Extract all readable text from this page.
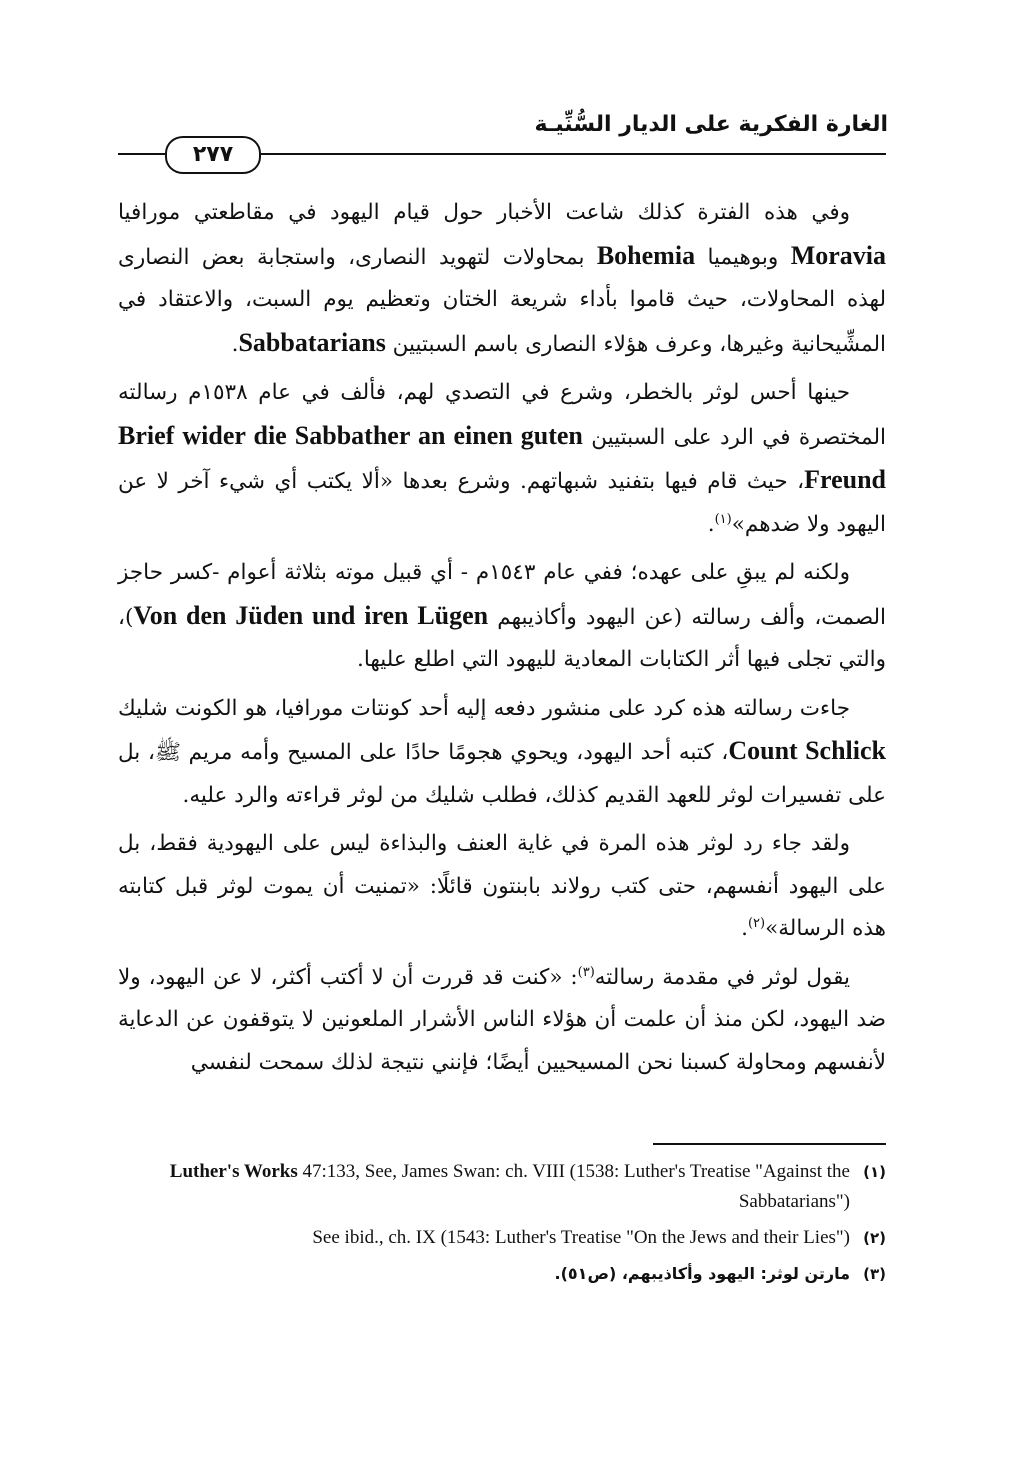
الغارة الفكرية على الديار السُّنِّيـة
٢٧٧

وفي هذه الفترة كذلك شاعت الأخبار حول قيام اليهود في مقاطعتي مورافيا Moravia وبوهيميا Bohemia بمحاولات لتهويد النصارى، واستجابة بعض النصارى لهذه المحاولات، حيث قاموا بأداء شريعة الختان وتعظيم يوم السبت، والاعتقاد في المشِّيحانية وغيرها، وعرف هؤلاء النصارى باسم السبتيين Sabbatarians.

حينها أحس لوثر بالخطر، وشرع في التصدي لهم، فألف في عام ١٥٣٨م رسالته المختصرة في الرد على السبتيين Brief wider die Sabbather an einen guten Freund، حيث قام فيها بتفنيد شبهاتهم. وشرع بعدها «ألا يكتب أي شيء آخر لا عن اليهود ولا ضدهم»$^{(١)}$.

ولكنه لم يبقِ على عهده؛ ففي عام ١٥٤٣م - أي قبيل موته بثلاثة أعوام -كسر حاجز الصمت، وألف رسالته (عن اليهود وأكاذيبهم Von den Jüden und iren Lügen)، والتي تجلى فيها أثر الكتابات المعادية لليهود التي اطلع عليها.

جاءت رسالته هذه كرد على منشور دفعه إليه أحد كونتات مورافيا، هو الكونت شليك Count Schlick، كتبه أحد اليهود، ويحوي هجومًا حادًا على المسيح وأمه مريم ﷺ، بل على تفسيرات لوثر للعهد القديم كذلك، فطلب شليك من لوثر قراءته والرد عليه.

ولقد جاء رد لوثر هذه المرة في غاية العنف والبذاءة ليس على اليهودية فقط، بل على اليهود أنفسهم، حتى كتب رولاند بابنتون قائلًا: «تمنيت أن يموت لوثر قبل كتابته هذه الرسالة»$^{(٢)}$.

يقول لوثر في مقدمة رسالته$^{(٣)}$: «كنت قد قررت أن لا أكتب أكثر، لا عن اليهود، ولا ضد اليهود، لكن منذ أن علمت أن هؤلاء الناس الأشرار الملعونين لا يتوقفون عن الدعاية لأنفسهم ومحاولة كسبنا نحن المسيحيين أيضًا؛ فإنني نتيجة لذلك سمحت لنفسي

(١)
Luther's Works 47:133, See, James Swan: ch. VIII (1538: Luther's Treatise "Against the Sabbatarians")
(٢)
See ibid., ch. IX (1543: Luther's Treatise "On the Jews and their Lies")
(٣)
مارتن لوثر: اليهود وأكاذيبهم، (ص٥١).
